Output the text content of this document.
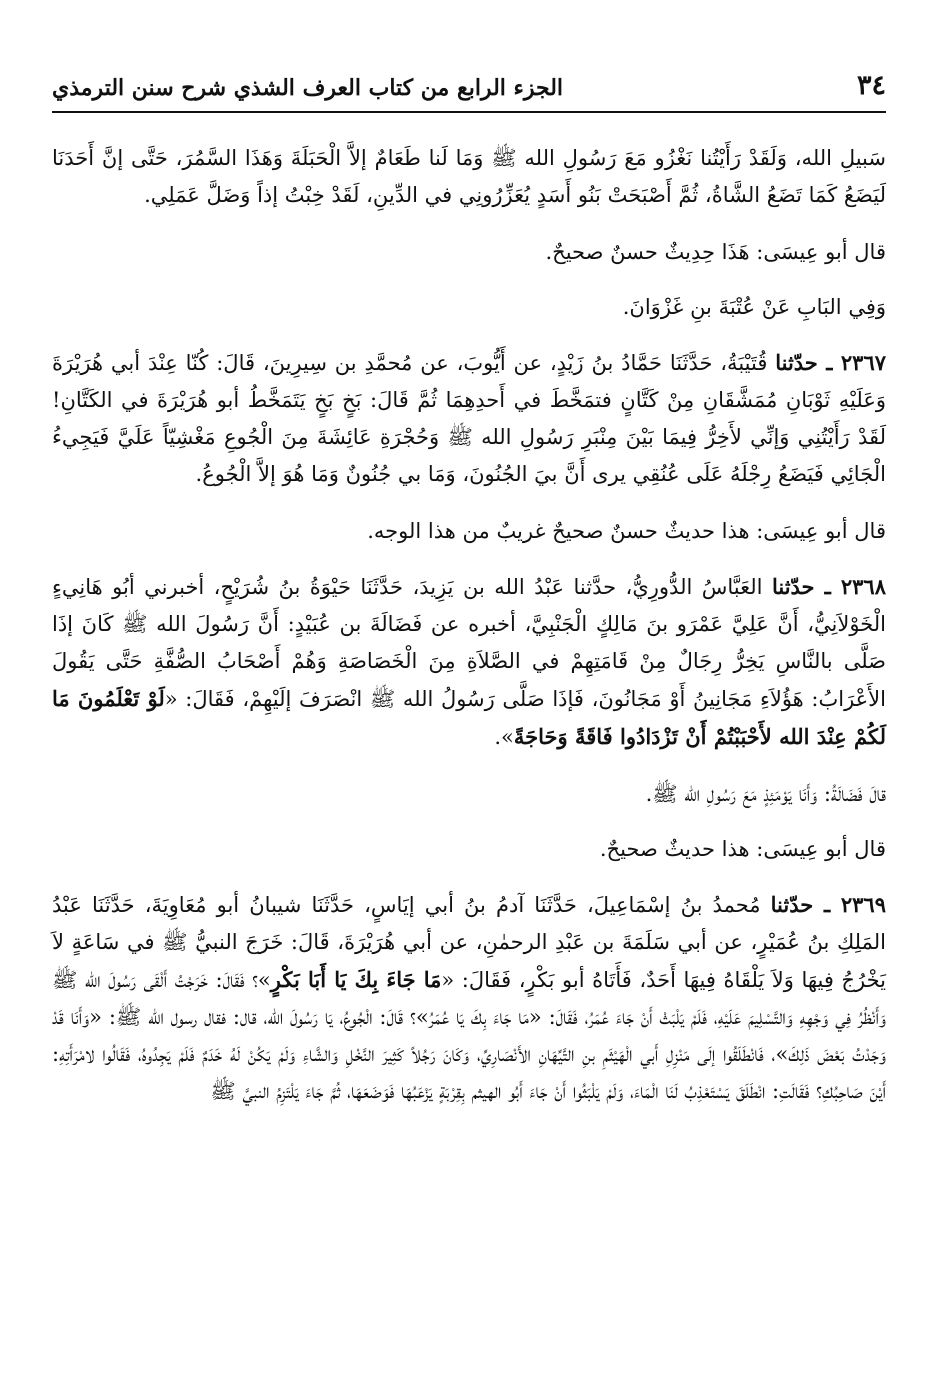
٣٤
الجزء الرابع من كتاب العرف الشذي شرح سنن الترمذي

سَبيلِ الله، وَلَقَدْ رَأَيْتُنا نَغْزُو مَعَ رَسُولِ الله ﷺ وَمَا لَنا طَعَامٌ إلاَّ الْحَبَلَةَ وَهَذَا السَّمُرَ، حَتَّى إنَّ أَحَدَنَا لَيَضَعُ كَمَا تَضَعُ الشَّاةُ، ثُمَّ أَصْبَحَتْ بَنُو أَسَدٍ يُعَزِّرُونِي في الدِّينِ، لَقَدْ خِبْتُ إذاً وَضَلَّ عَمَلِي.

قال أبو عِيسَى: هَذَا حِدِيثٌ حسنٌ صحيحٌ.

وَفِي البَابِ عَنْ عُتْبَةَ بنِ غَزْوَانَ.

٢٣٦٧ ـ حدّثنا قُتَيْبَةُ، حَدَّثَنَا حَمَّادُ بنُ زَيْدٍ، عن أَيُّوبَ، عن مُحمَّدِ بن سِيرِينَ، قَالَ: كُنّا عِنْدَ أبي هُرَيْرَةَ وَعَلَيْهِ ثَوْبَانِ مُمَشَّقَانِ مِنْ كَتَّانٍ فتمَخَّطَ في أَحدِهِمَا ثُمَّ قَالَ: بَخٍ بَخٍ يَتَمَخَّطُ أبو هُرَيْرَةَ في الكَتَّانِ! لَقَدْ رَأَيْتُنِي وَإنِّي لأَخِرُّ فِيمَا بَيْنَ مِنْبَرِ رَسُولِ الله ﷺ وَحُجْرَةِ عَائِشَةَ مِنَ الْجُوعِ مَغْشِيّاً عَلَيَّ فَيَجِيءُ الْجَائِي فَيَضَعُ رِجْلَهُ عَلَى عُنُقِي يرى أَنَّ بيَ الجُنُونَ، وَمَا بي جُنُونٌ وَمَا هُوَ إلاَّ الْجُوعُ.

قال أبو عِيسَى: هذا حديثٌ حسنٌ صحيحٌ غريبٌ من هذا الوجه.

٢٣٦٨ ـ حدّثنا العَبَّاسُ الدُّورِيُّ، حدَّثنا عَبْدُ الله بن يَزِيدَ، حَدَّثَنَا حَيْوَةُ بنُ شُرَيْحٍ، أخبرني أبُو هَانِيءٍ الْخَوْلاَنِيُّ، أَنَّ عَلِيَّ عَمْرَو بنَ مَالِكٍ الْجَنْبِيَّ، أخبره عن فَضَالَةَ بن عُبَيْدٍ: أَنَّ رَسُولَ الله ﷺ كَانَ إذَا صَلَّى بالنَّاسِ يَخِرُّ رِجَالٌ مِنْ قَامَتِهِمْ في الصَّلاَةِ مِنَ الْخَصَاصَةِ وَهُمْ أَصْحَابُ الصُّفَّةِ حَتَّى يَقُولَ الأَعْرَابُ: هَؤُلاَءِ مَجَانِينُ أَوْ مَجَانُونَ، فَإذَا صَلَّى رَسُولُ الله ﷺ انْصَرَفَ إلَيْهِمْ، فَقَالَ: «لَوْ تَعْلَمُونَ مَا لَكُمْ عِنْدَ الله لأَحْبَبْتُمْ أَنْ تَزْدَادُوا فَاقَةً وَحَاجَةً».

قالَ فَضَالَةُ: وَأَنَا يَوْمَئِذٍ مَعَ رَسُولِ الله ﷺ.

قال أبو عِيسَى: هذا حديثٌ صحيحٌ.

٢٣٦٩ ـ حدّثنا مُحمدُ بنُ إسْمَاعِيلَ، حَدَّثَنَا آدمُ بنُ أبي إيَاسٍ، حَدَّثَنَا شيبانُ أبو مُعَاوِيَةَ، حَدَّثَنَا عَبْدُ المَلِكِ بنُ عُمَيْرٍ، عن أبي سَلَمَةَ بن عَبْدِ الرحمٰنِ، عن أبي هُرَيْرَةَ، قَالَ: خَرَجَ النبيُّ ﷺ في سَاعَةٍ لاَ يَخْرُجُ فِيهَا وَلاَ يَلْقَاهُ فِيهَا أَحَدٌ، فَأَتَاهُ أبو بَكْرٍ، فَقَالَ: «مَا جَاءَ بِكَ يَا أَبَا بَكْرٍ»؟ فَقَالَ: خَرَجْتُ أَلْقَى رَسُولَ الله ﷺ وَأَنْظُرُ فِي وَجْهِهِ وَالتَّسْلِيمَ عَلَيْهِ، فَلَمْ يَلْبَثْ أَنْ جَاءَ عُمَرُ، فَقَالَ: «مَا جَاءَ بِكَ يَا عُمَرُ»؟ قَالَ: الْجُوعُ، يَا رَسُولَ الله، قال: فقال رسول الله ﷺ: «وَأَنَا قَدْ وَجَدْتُ بَعْضَ ذَلِكَ»، فَانْطَلَقُوا إلَى مَنْزِلِ أَبي الْهَيْثَمِ بنِ التَّيِّهَانِ الأَنْصَارِيِّ، وَكَانَ رَجُلاً كَثِيرَ النَّخْلِ وَالشَّاءِ وَلَمْ يَكُنْ لَهُ خَدَمٌ فَلَمْ يَجِدُوهُ، فَقَالُوا لامْرَأَتِهِ: أَيْنَ صَاحِبُكِ؟ فَقَالَتِ: انْطَلَقَ يَسْتَعْذِبُ لَنَا الْمَاءَ، وَلَمْ يَلْبَثُوا أَنْ جَاءَ أَبُو الهيثم بِقِرْبَةٍ يَزْعَبُهَا فَوَضَعَهَا، ثُمَّ جَاءَ يَلْتَزِمُ النبيَّ ﷺ
